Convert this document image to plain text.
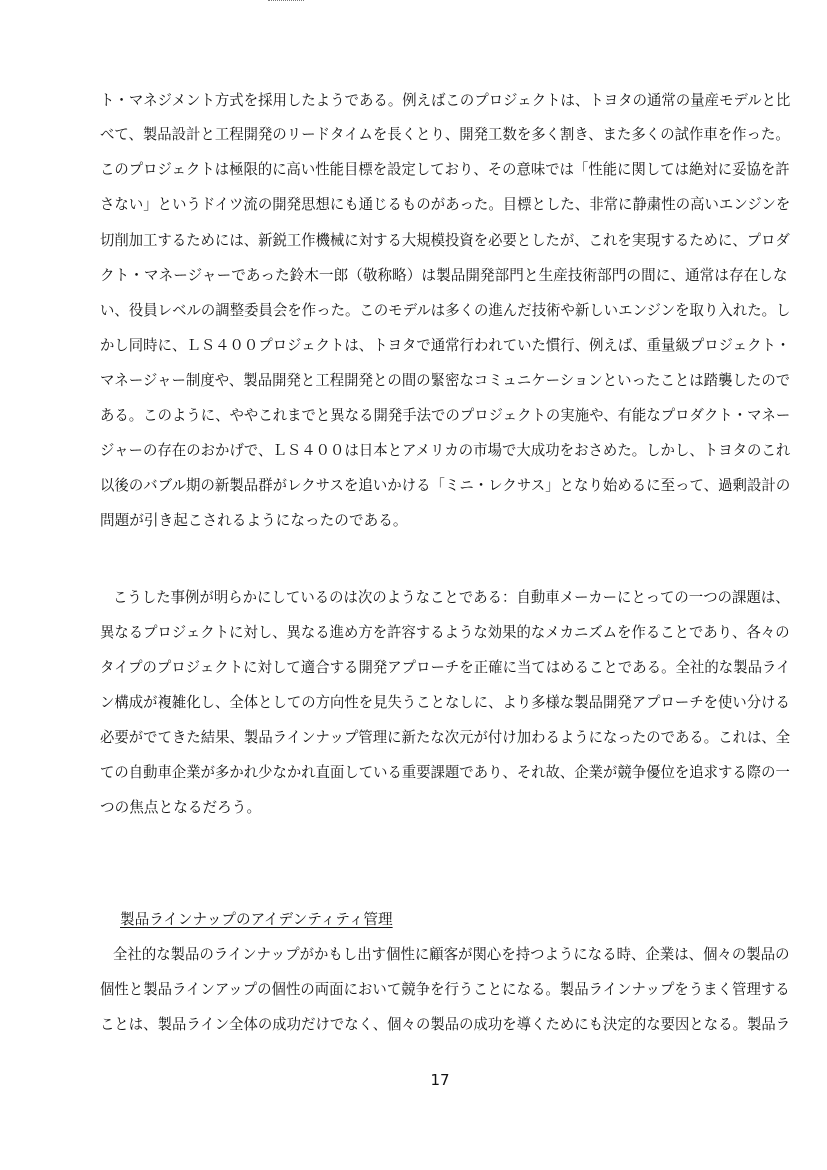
ト・マネジメント方式を採用したようである。例えばこのプロジェクトは、トヨタの通常の量産モデルと比
べて、製品設計と工程開発のリードタイムを長くとり、開発工数を多く割き、また多くの試作車を作った。
このプロジェクトは極限的に高い性能目標を設定しており、その意味では「性能に関しては絶対に妥協を許
さない」というドイツ流の開発思想にも通じるものがあった。目標とした、非常に静粛性の高いエンジンを
切削加工するためには、新鋭工作機械に対する大規模投資を必要としたが、これを実現するために、プロダ
クト・マネージャーであった鈴木一郎（敬称略）は製品開発部門と生産技術部門の間に、通常は存在しな
い、役員レベルの調整委員会を作った。このモデルは多くの進んだ技術や新しいエンジンを取り入れた。し
かし同時に、ＬＳ４００プロジェクトは、トヨタで通常行われていた慣行、例えば、重量級プロジェクト・
マネージャー制度や、製品開発と工程開発との間の緊密なコミュニケーションといったことは踏襲したので
ある。このように、ややこれまでと異なる開発手法でのプロジェクトの実施や、有能なプロダクト・マネー
ジャーの存在のおかげで、ＬＳ４００は日本とアメリカの市場で大成功をおさめた。しかし、トヨタのこれ
以後のバブル期の新製品群がレクサスを追いかける「ミニ・レクサス」となり始めるに至って、過剰設計の
問題が引き起こされるようになったのである。
こうした事例が明らかにしているのは次のようなことである：自動車メーカーにとっての一つの課題は、
異なるプロジェクトに対し、異なる進め方を許容するような効果的なメカニズムを作ることであり、各々の
タイプのプロジェクトに対して適合する開発アプローチを正確に当てはめることである。全社的な製品ライ
ン構成が複雑化し、全体としての方向性を見失うことなしに、より多様な製品開発アプローチを使い分ける
必要がでてきた結果、製品ラインナップ管理に新たな次元が付け加わるようになったのである。これは、全
ての自動車企業が多かれ少なかれ直面している重要課題であり、それ故、企業が競争優位を追求する際の一
つの焦点となるだろう。
製品ラインナップのアイデンティティ管理
全社的な製品のラインナップがかもし出す個性に顧客が関心を持つようになる時、企業は、個々の製品の
個性と製品ラインアップの個性の両面において競争を行うことになる。製品ラインナップをうまく管理する
ことは、製品ライン全体の成功だけでなく、個々の製品の成功を導くためにも決定的な要因となる。製品ラ
17
